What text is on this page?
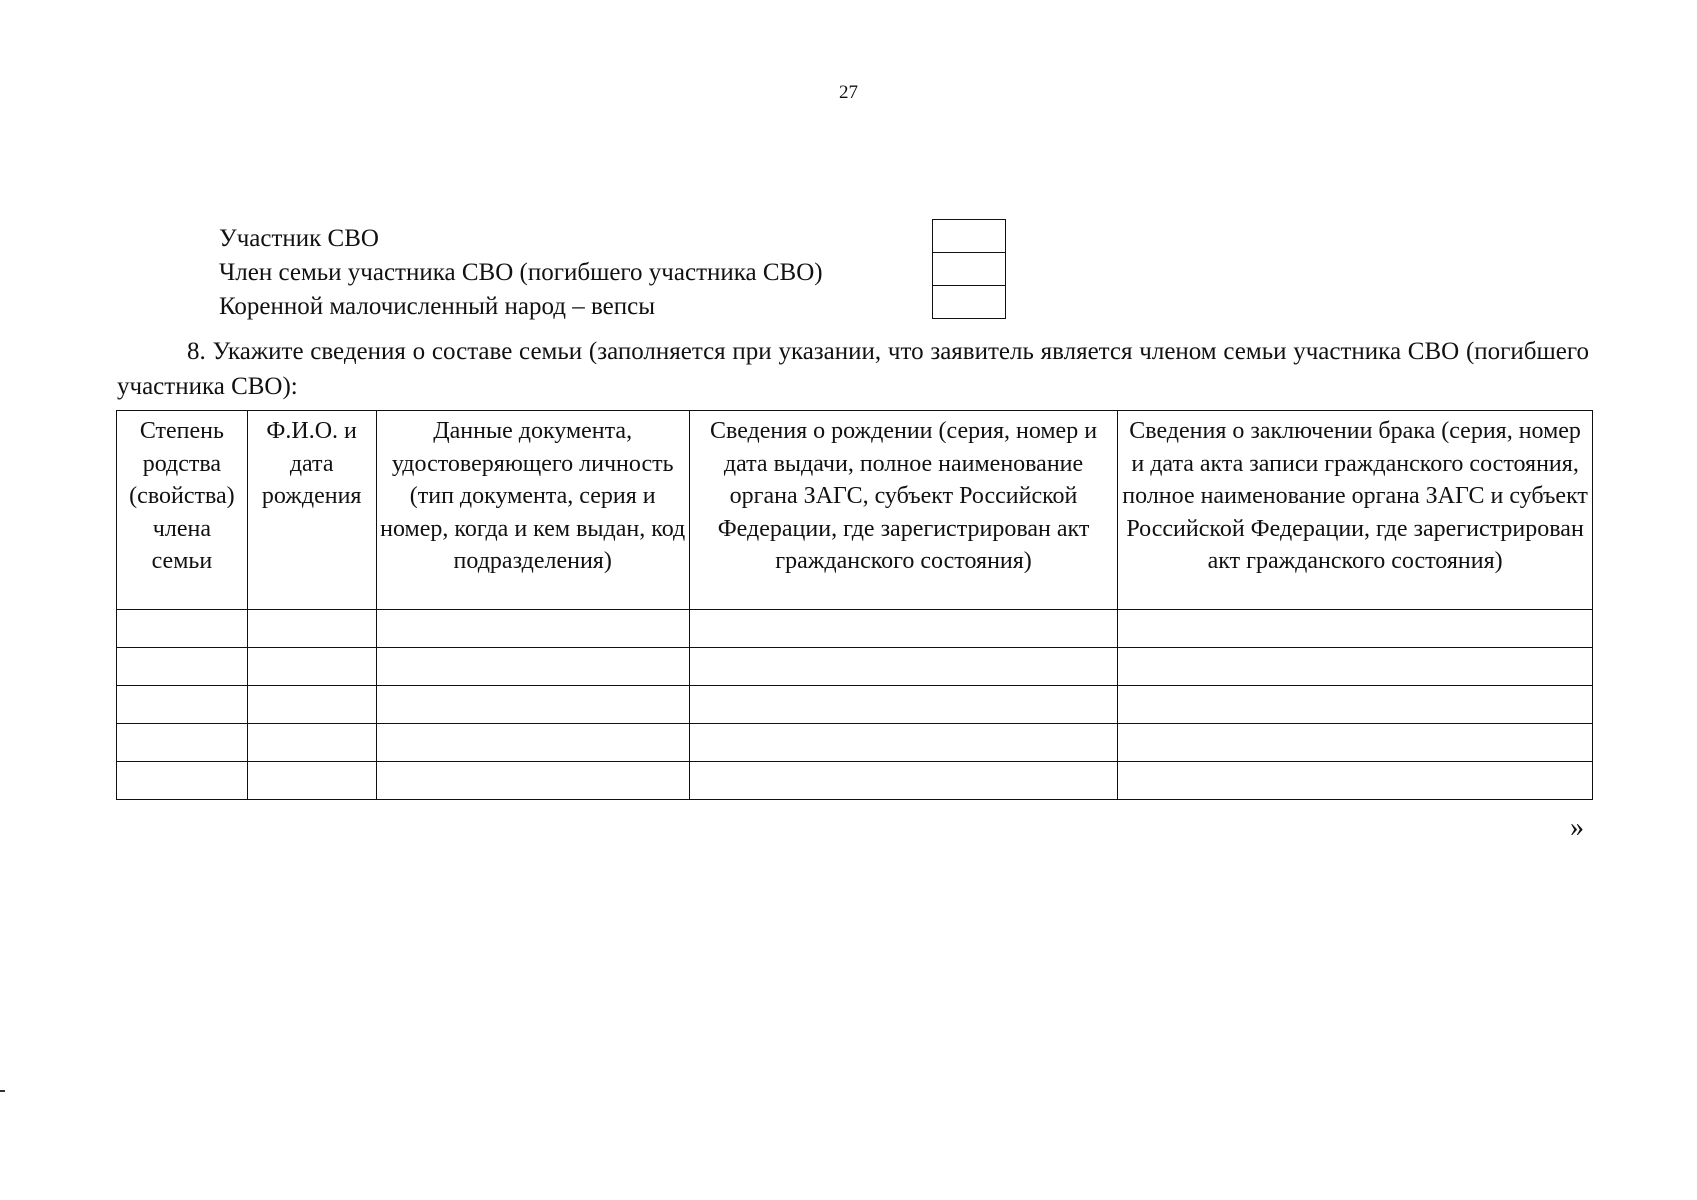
27
Участник СВО
Член семьи участника СВО (погибшего участника СВО)
Коренной малочисленный народ – вепсы
8. Укажите сведения о составе семьи (заполняется при указании, что заявитель является членом семьи участника СВО (погибшего участника СВО):
Степень родства (свойства) члена семьи	Ф.И.О. и дата рождения	Данные документа, удостоверяющего личность (тип документа, серия и номер, когда и кем выдан, код подразделения)	Сведения о рождении (серия, номер и дата выдачи, полное наименование органа ЗАГС, субъект Российской Федерации, где зарегистрирован акт гражданского состояния)	Сведения о заключении брака (серия, номер и дата акта записи гражданского состояния, полное наименование органа ЗАГС и субъект Российской Федерации, где зарегистрирован акт гражданского состояния)

»
